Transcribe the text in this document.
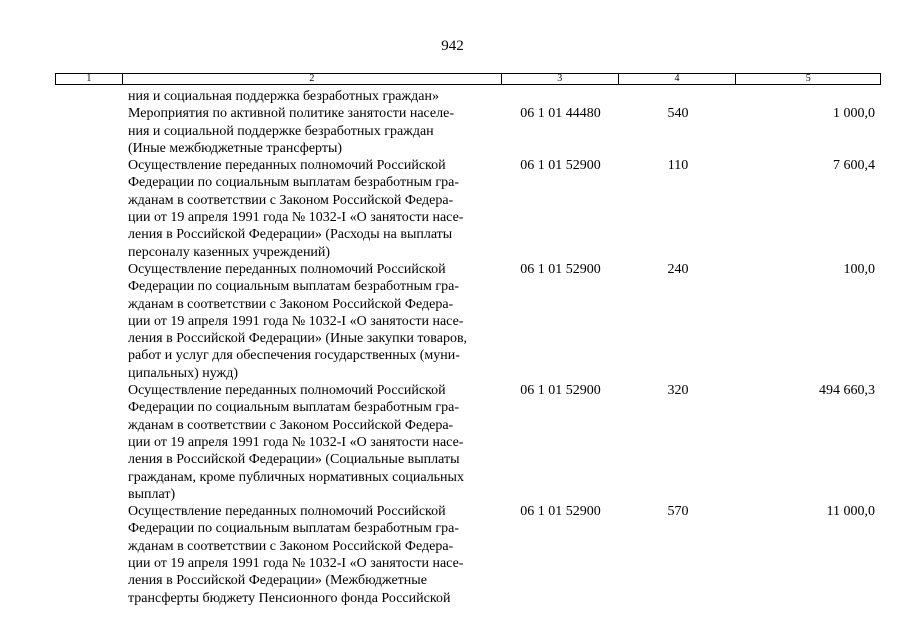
942
1	2	3	4	5
ния и социальная поддержка безработных граждан»
Мероприятия по активной политике занятости населе-
ния и социальной поддержке безработных граждан
(Иные межбюджетные трансферты)
06 1 01 44480	540	1 000,0
Осуществление переданных полномочий Российской
Федерации по социальным выплатам безработным гра-
жданам в соответствии с Законом Российской Федера-
ции от 19 апреля 1991 года № 1032-I «О занятости насе-
ления в Российской Федерации» (Расходы на выплаты
персоналу казенных учреждений)
06 1 01 52900	110	7 600,4
Осуществление переданных полномочий Российской
Федерации по социальным выплатам безработным гра-
жданам в соответствии с Законом Российской Федера-
ции от 19 апреля 1991 года № 1032-I «О занятости насе-
ления в Российской Федерации» (Иные закупки товаров,
работ и услуг для обеспечения государственных (муни-
ципальных) нужд)
06 1 01 52900	240	100,0
Осуществление переданных полномочий Российской
Федерации по социальным выплатам безработным гра-
жданам в соответствии с Законом Российской Федера-
ции от 19 апреля 1991 года № 1032-I «О занятости насе-
ления в Российской Федерации» (Социальные выплаты
гражданам, кроме публичных нормативных социальных
выплат)
06 1 01 52900	320	494 660,3
Осуществление переданных полномочий Российской
Федерации по социальным выплатам безработным гра-
жданам в соответствии с Законом Российской Федера-
ции от 19 апреля 1991 года № 1032-I «О занятости насе-
ления в Российской Федерации» (Межбюджетные
трансферты бюджету Пенсионного фонда Российской
06 1 01 52900	570	11 000,0
